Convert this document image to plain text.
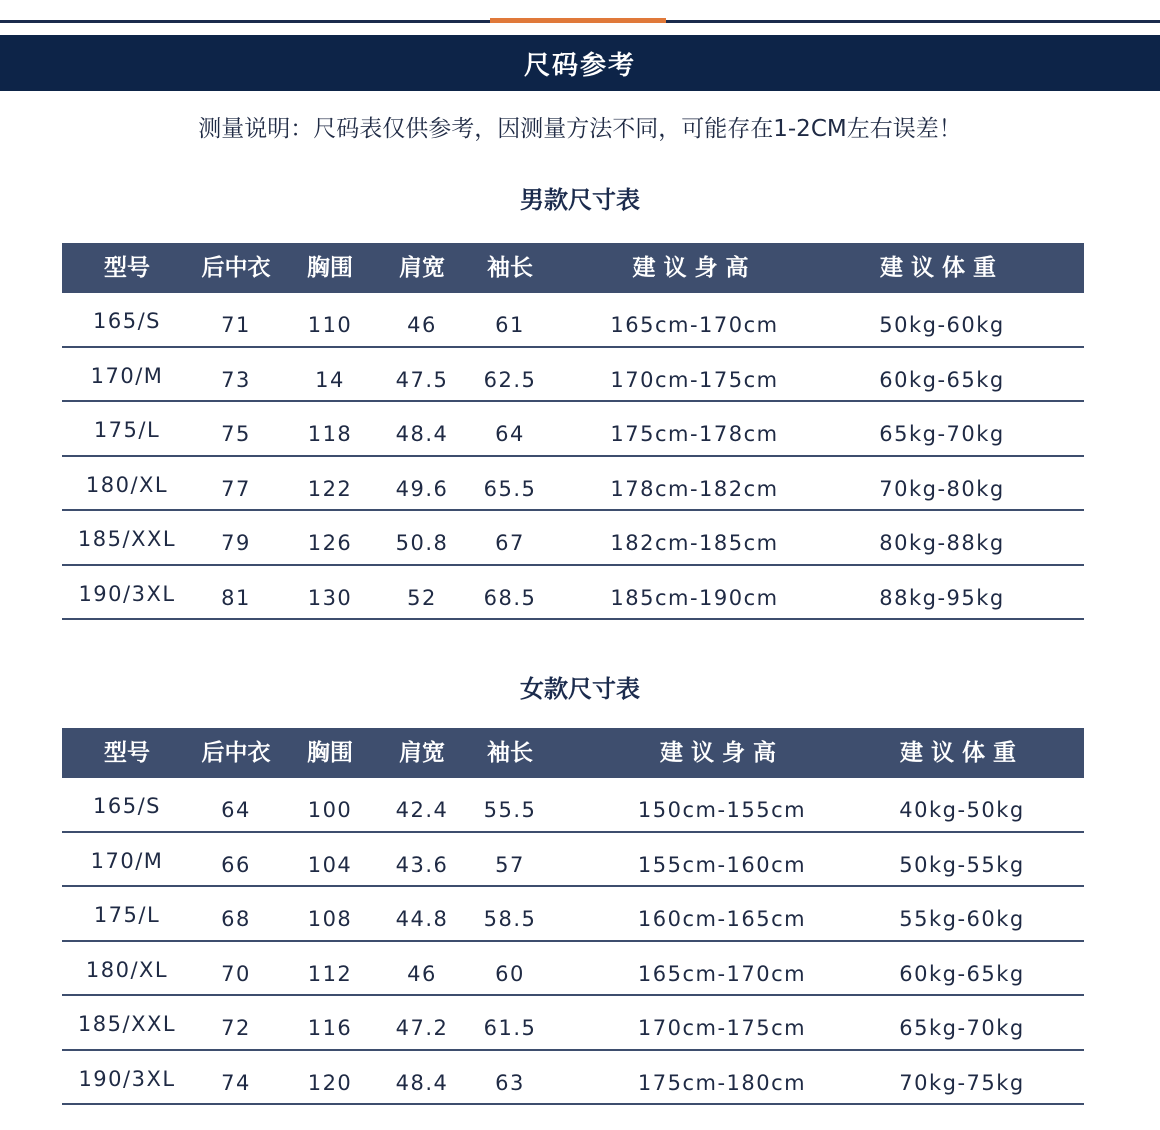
尺码参考
测量说明：尺码表仅供参考，因测量方法不同，可能存在1-2CM左右误差！
男款尺寸表
型号	后中衣	胸围	肩宽	袖长	建议身高	建议体重
165/S	71	110	46	61	165cm-170cm	50kg-60kg
170/M	73	14	47.5	62.5	170cm-175cm	60kg-65kg
175/L	75	118	48.4	64	175cm-178cm	65kg-70kg
180/XL	77	122	49.6	65.5	178cm-182cm	70kg-80kg
185/XXL	79	126	50.8	67	182cm-185cm	80kg-88kg
190/3XL	81	130	52	68.5	185cm-190cm	88kg-95kg
女款尺寸表
型号	后中衣	胸围	肩宽	袖长	建议身高	建议体重
165/S	64	100	42.4	55.5	150cm-155cm	40kg-50kg
170/M	66	104	43.6	57	155cm-160cm	50kg-55kg
175/L	68	108	44.8	58.5	160cm-165cm	55kg-60kg
180/XL	70	112	46	60	165cm-170cm	60kg-65kg
185/XXL	72	116	47.2	61.5	170cm-175cm	65kg-70kg
190/3XL	74	120	48.4	63	175cm-180cm	70kg-75kg
